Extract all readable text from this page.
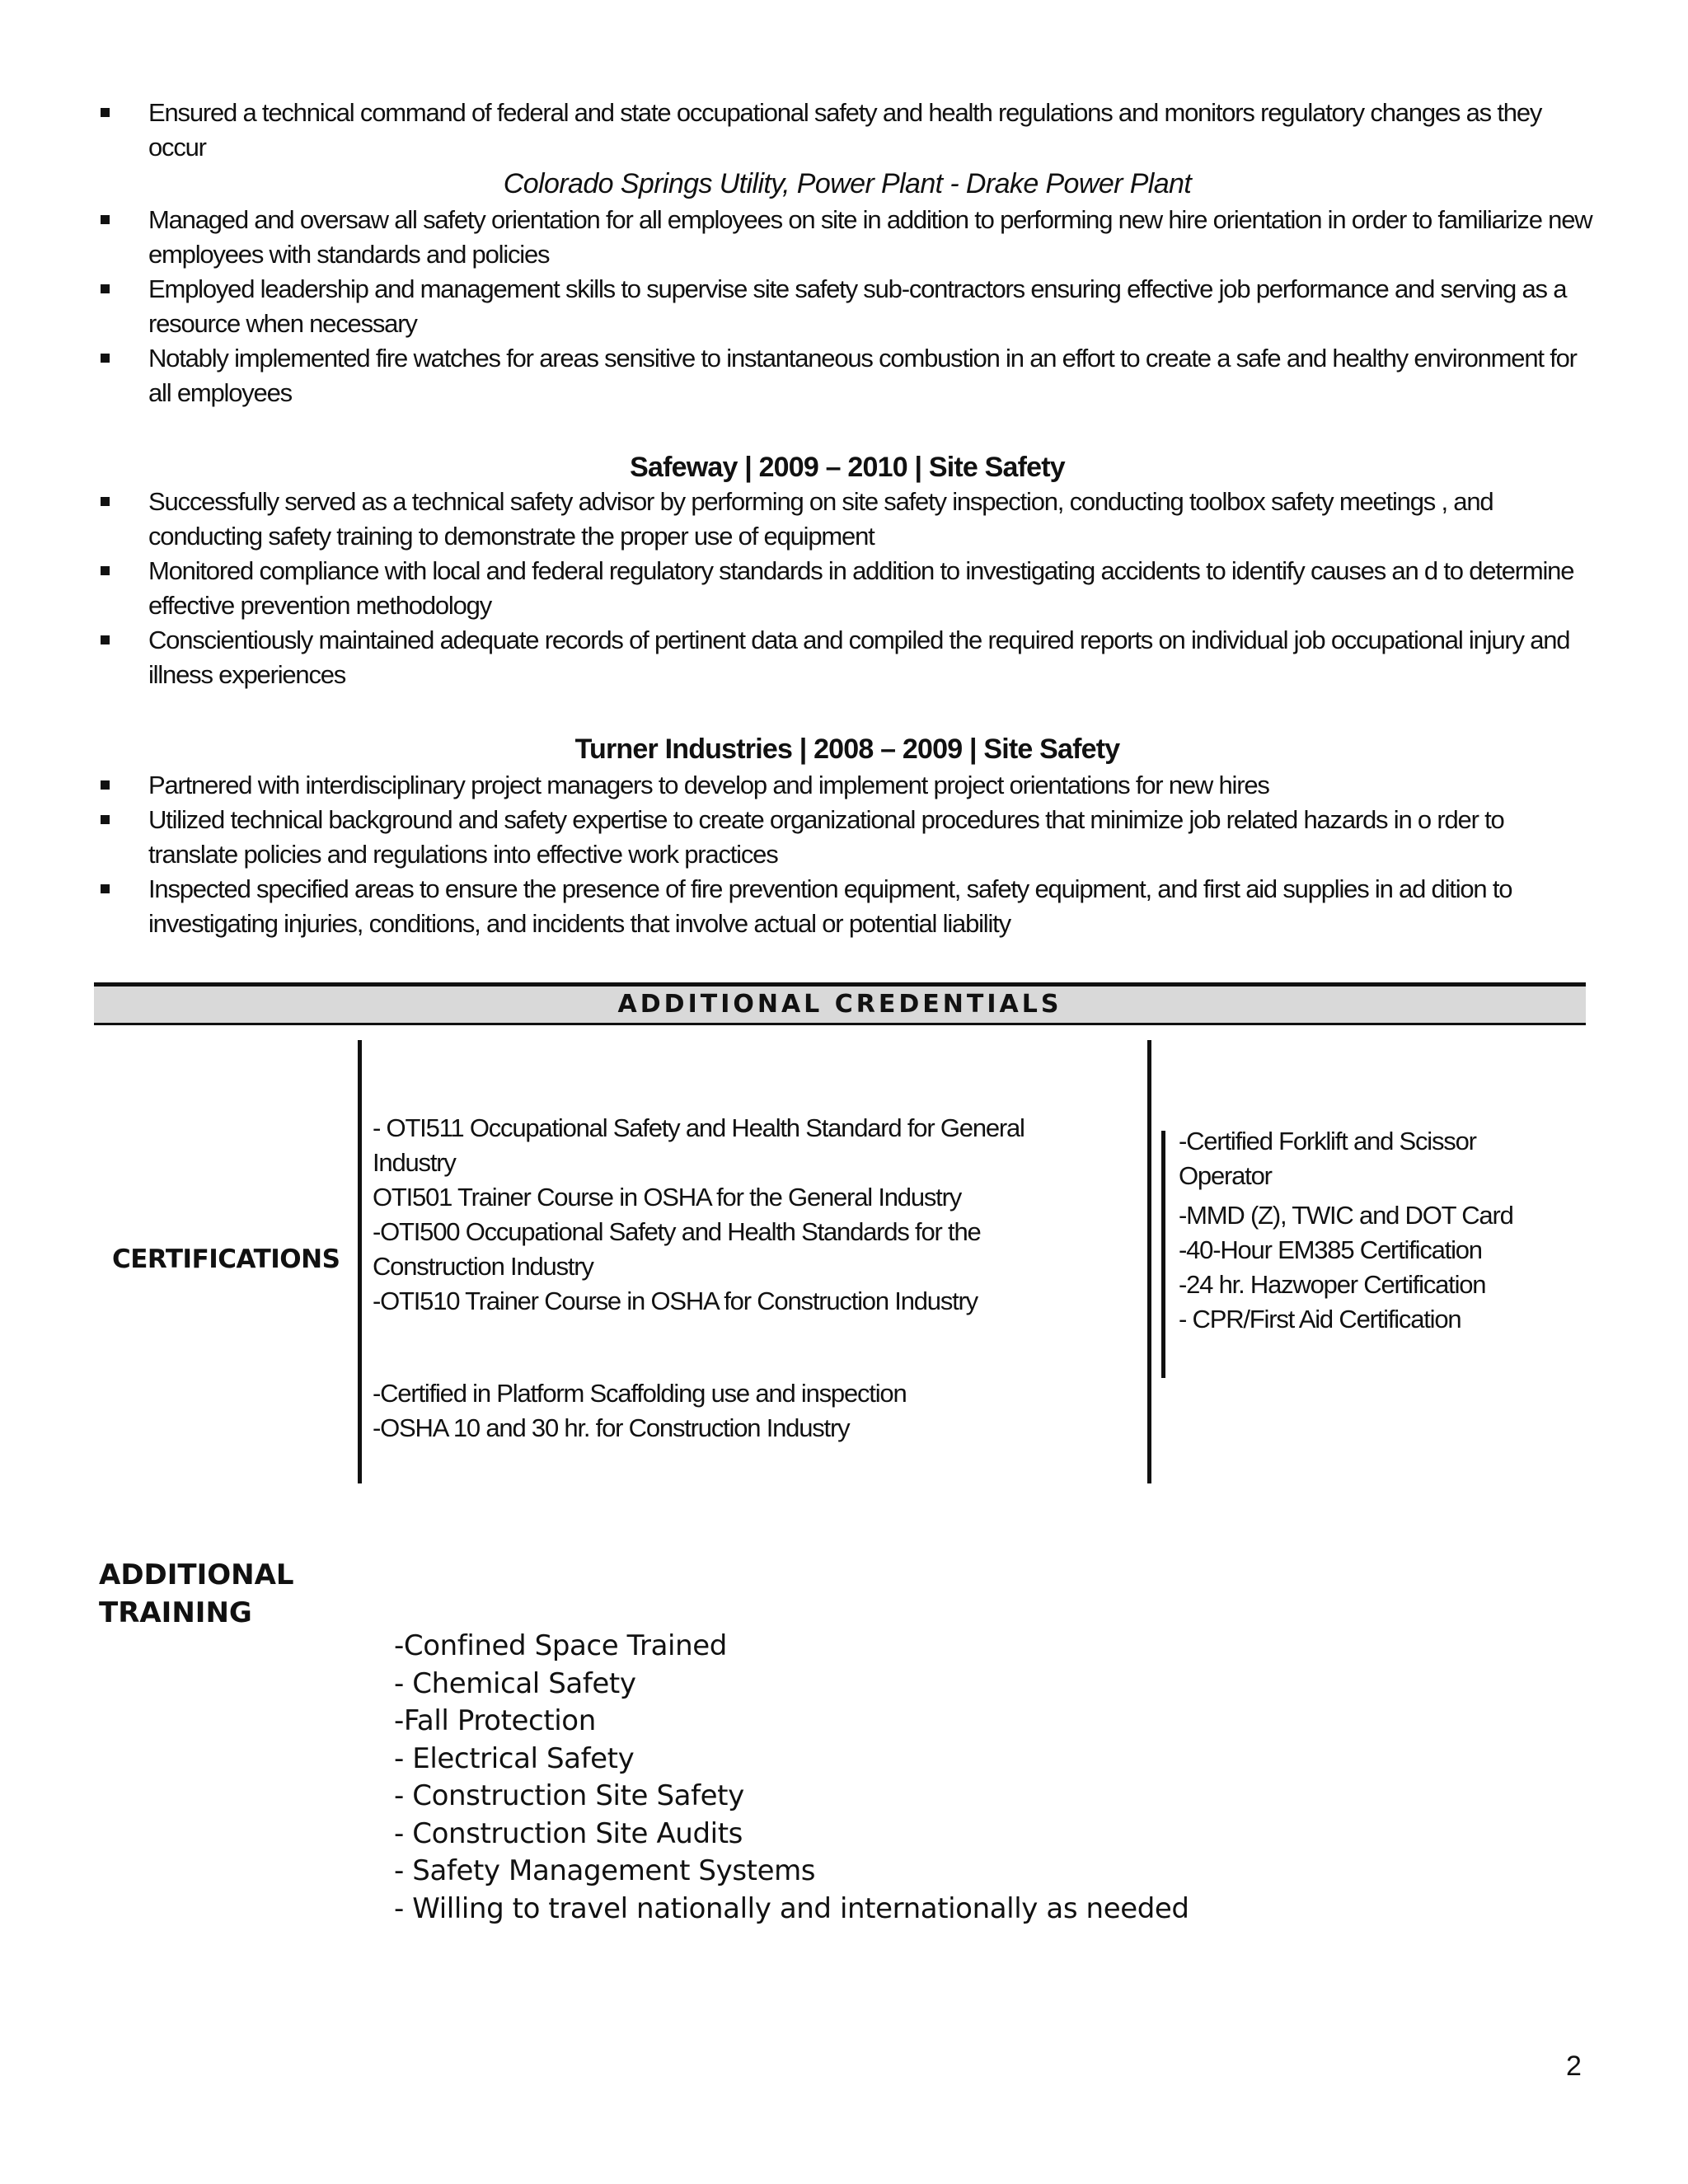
Ensured a technical command of federal and state occupational safety and health regulations and monitors regulatory changes as they occur
Colorado Springs Utility, Power Plant - Drake Power Plant
Managed and oversaw all safety orientation for all employees on site in addition to performing new hire orientation in order to familiarize new employees with standards and policies
Employed leadership and management skills to supervise site safety sub-contractors ensuring effective job performance and serving as a resource when necessary
Notably implemented fire watches for areas sensitive to instantaneous combustion in an effort to create a safe and healthy environment for all employees
Safeway | 2009 – 2010 | Site Safety
Successfully served as a technical safety advisor by performing on site safety inspection, conducting toolbox safety meetings , and conducting safety training to demonstrate the proper use of equipment
Monitored compliance with local and federal regulatory standards in addition to investigating accidents to identify causes an d to determine effective prevention methodology
Conscientiously maintained adequate records of pertinent data and compiled the required reports on individual job occupational injury and illness experiences
Turner Industries | 2008 – 2009 | Site Safety
Partnered with interdisciplinary project managers to develop and implement project orientations for new hires
Utilized technical background and safety expertise to create organizational procedures that minimize job related hazards in o rder to translate policies and regulations into effective work practices
Inspected specified areas to ensure the presence of fire prevention equipment, safety equipment, and first aid supplies in ad dition to investigating injuries, conditions, and incidents that involve actual or potential liability
ADDITIONAL CREDENTIALS
CERTIFICATIONS
- OTI511 Occupational Safety and Health Standard for General
Industry
OTI501 Trainer Course in OSHA for the General Industry
-OTI500 Occupational Safety and Health Standards for the
Construction Industry
-OTI510 Trainer Course in OSHA for Construction Industry
-Certified in Platform Scaffolding use and inspection
-OSHA 10 and 30 hr. for Construction Industry
-Certified Forklift and Scissor
Operator
-MMD (Z), TWIC and DOT Card
-40-Hour EM385 Certification
-24 hr. Hazwoper Certification
- CPR/First Aid Certification
ADDITIONAL
TRAINING
-Confined Space Trained
- Chemical Safety
-Fall Protection
- Electrical Safety
- Construction Site Safety
- Construction Site Audits
- Safety Management Systems
- Willing to travel nationally and internationally as needed
2
